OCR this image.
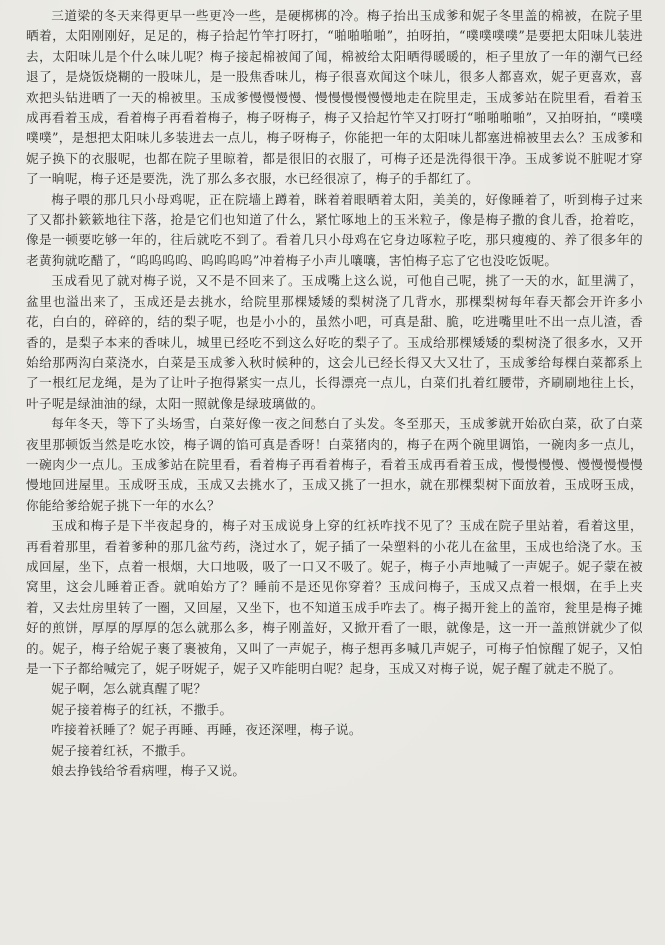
三道梁的冬天来得更早一些更冷一些，是硬梆梆的冷。梅子抬出玉成爹和妮子冬里盖的棉被，在院子里晒着，太阳刚刚好，足足的，梅子拾起竹竿打呀打，“啪啪啪啪”，拍呀拍，“噗噗噗噗”是要把太阳味儿装进去，太阳味儿是个什么味儿呢？梅子接起棉被闻了闻，棉被给太阳晒得暖暖的，柜子里放了一年的潮气已经退了，是烧饭烧糊的一股味儿，是一股焦香味儿，梅子很喜欢闻这个味儿，很多人都喜欢，妮子更喜欢，喜欢把头钻进晒了一天的棉被里。玉成爹慢慢慢慢、慢慢慢慢慢慢地走在院里走，玉成爹站在院里看，看着玉成再看着玉成，看着梅子再看着梅子，梅子呀梅子，梅子又拾起竹竿又打呀打“啪啪啪啪”，又拍呀拍，“噗噗噗噗”，是想把太阳味儿多装进去一点儿，梅子呀梅子，你能把一年的太阳味儿都塞进棉被里去么？玉成爹和妮子换下的衣服呢，也都在院子里晾着，都是很旧的衣服了，可梅子还是洗得很干净。玉成爹说不脏呢才穿了一晌呢，梅子还是要洗，洗了那么多衣服，水已经很凉了，梅子的手都红了。

梅子喂的那几只小母鸡呢，正在院墙上蹲着，眯着着眼晒着太阳，美美的，好像睡着了，听到梅子过来了又都扑簌簌地往下落，抢是它们也知道了什么，紧忙啄地上的玉米粒子，像是梅子撒的食儿香，抢着吃，像是一顿要吃够一年的，往后就吃不到了。看着几只小母鸡在它身边啄粒子吃，那只瘦瘦的、养了很多年的老黄狗就吃醋了，“呜呜呜呜、呜呜呜呜”冲着梅子小声儿嚷嚷，害怕梅子忘了它也没吃饭呢。

玉成看见了就对梅子说，又不是不回来了。玉成嘴上这么说，可他自己呢，挑了一天的水，缸里满了，盆里也溢出来了，玉成还是去挑水，给院里那棵矮矮的梨树浇了几背水，那棵梨树每年春天都会开许多小花，白白的，碎碎的，结的梨子呢，也是小小的，虽然小吧，可真是甜、脆，吃进嘴里吐不出一点儿渣，香香的，是梨子本来的香味儿，城里已经吃不到这么好吃的梨子了。玉成给那棵矮矮的梨树浇了很多水，又开始给那两沟白菜浇水，白菜是玉成爹入秋时候种的，这会儿已经长得又大又壮了，玉成爹给每棵白菜都系上了一根红尼龙绳，是为了让叶子抱得紧实一点儿，长得漂亮一点儿，白菜们扎着红腰带，齐刷刷地往上长，叶子呢是绿油油的绿，太阳一照就像是绿玻璃做的。

每年冬天，等下了头场雪，白菜好像一夜之间愁白了头发。冬至那天，玉成爹就开始砍白菜，砍了白菜夜里那顿饭当然是吃水饺，梅子调的馅可真是香呀！白菜猪肉的，梅子在两个碗里调馅，一碗肉多一点儿，一碗肉少一点儿。玉成爹站在院里看，看着梅子再看着梅子，看着玉成再看着玉成，慢慢慢慢、慢慢慢慢慢慢地回进屋里。玉成呀玉成，玉成又去挑水了，玉成又挑了一担水，就在那棵梨树下面放着，玉成呀玉成，你能给爹给妮子挑下一年的水么？

玉成和梅子是下半夜起身的，梅子对玉成说身上穿的红袄咋找不见了？玉成在院子里站着，看着这里，再看着那里，看着爹种的那几盆芍药，浇过水了，妮子插了一朵塑料的小花儿在盆里，玉成也给浇了水。玉成回屋，坐下，点着一根烟，大口地吸，吸了一口又不吸了。妮子，梅子小声地喊了一声妮子。妮子蒙在被窝里，这会儿睡着正香。就咱始方了？睡前不是还见你穿着？玉成问梅子，玉成又点着一根烟，在手上夹着，又去灶房里转了一圈，又回屋，又坐下，也不知道玉成手咋去了。梅子揭开瓮上的盖帘，瓮里是梅子摊好的煎饼，厚厚的厚厚的怎么就那么多，梅子刚盖好，又掀开看了一眼，就像是，这一开一盖煎饼就少了似的。妮子，梅子给妮子裹了裹被角，又叫了一声妮子，梅子想再多喊几声妮子，可梅子怕惊醒了妮子，又怕是一下子都给喊完了，妮子呀妮子，妮子又咋能明白呢？起身，玉成又对梅子说，妮子醒了就走不脱了。

妮子啊，怎么就真醒了呢？

妮子接着梅子的红袄，不撒手。

咋接着袄睡了？妮子再睡、再睡，夜还深哩，梅子说。

妮子接着红袄，不撒手。

娘去挣钱给爷看病哩，梅子又说。
